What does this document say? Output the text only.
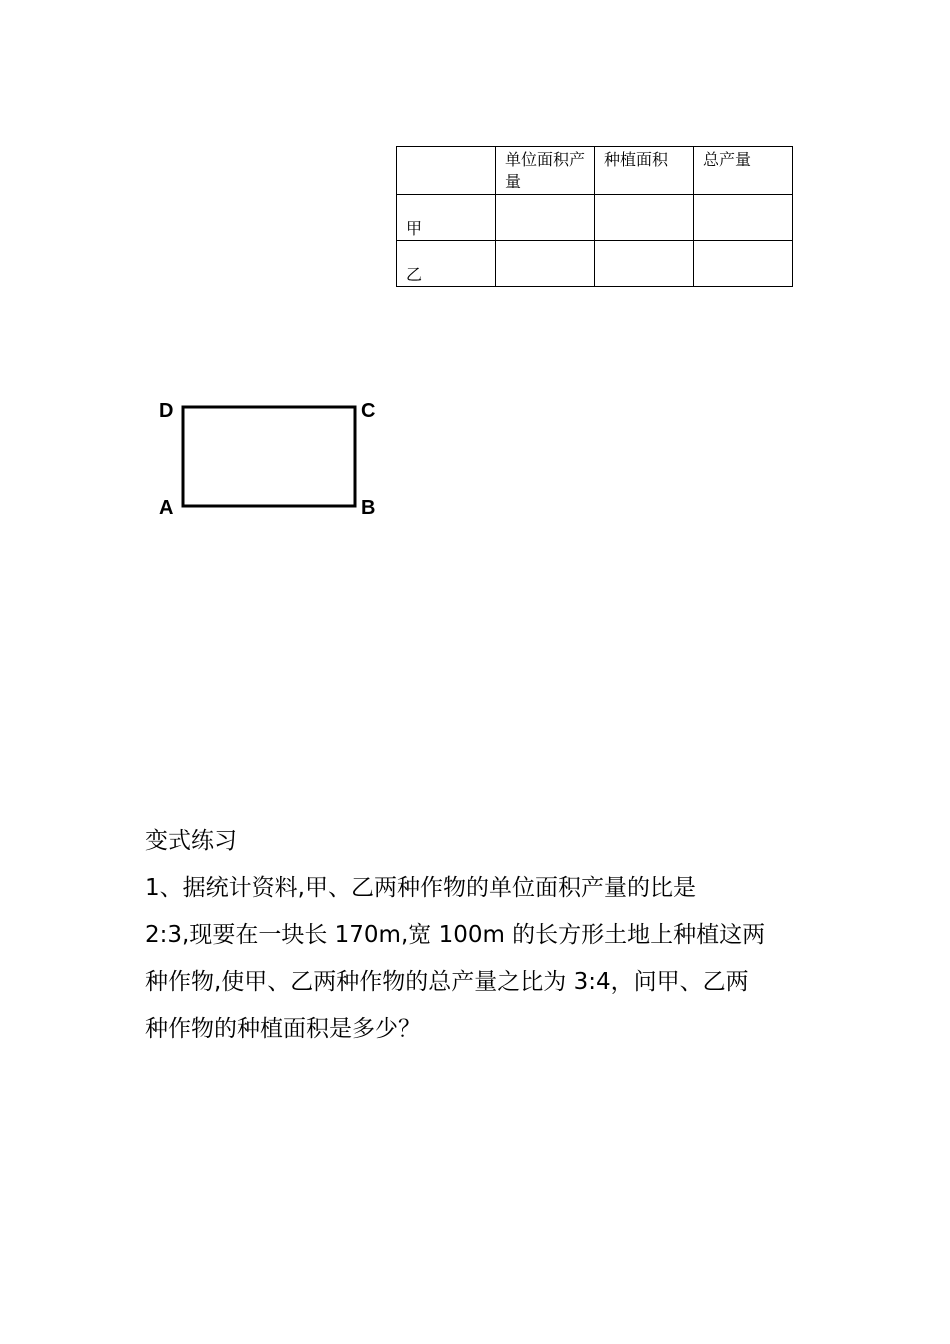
	单位面积产量	种植面积	总产量

甲			

乙			

D	C
A	B
变式练习

1、据统计资料,甲、乙两种作物的单位面积产量的比是

2:3,现要在一块长 170m,宽 100m 的长方形土地上种植这两

种作物,使甲、乙两种作物的总产量之比为 3:4，问甲、乙两

种作物的种植面积是多少？
